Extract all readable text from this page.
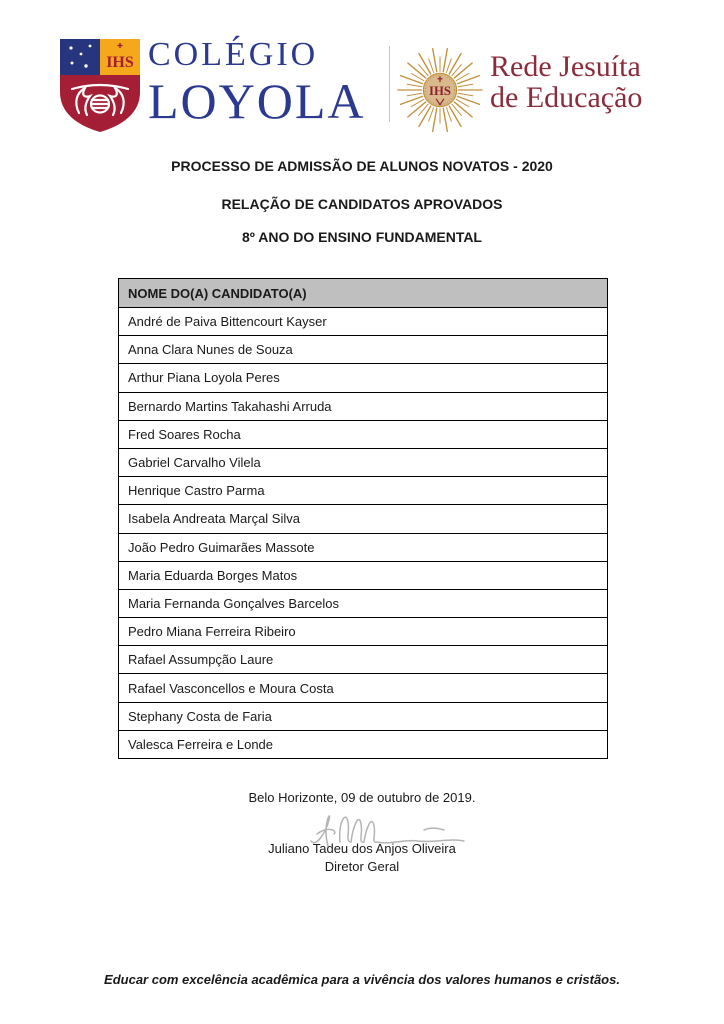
IHS COLÉGIO
LOYOLA	IHS
Rede Jesuíta
de Educação
PROCESSO DE ADMISSÃO DE ALUNOS NOVATOS - 2020
RELAÇÃO DE CANDIDATOS APROVADOS
8º ANO DO ENSINO FUNDAMENTAL
NOME DO(A) CANDIDATO(A)
André de Paiva Bittencourt Kayser
Anna Clara Nunes de Souza
Arthur Piana Loyola Peres
Bernardo Martins Takahashi Arruda
Fred Soares Rocha
Gabriel Carvalho Vilela
Henrique Castro Parma
Isabela Andreata Marçal Silva
João Pedro Guimarães Massote
Maria Eduarda Borges Matos
Maria Fernanda Gonçalves Barcelos
Pedro Miana Ferreira Ribeiro
Rafael Assumpção Laure
Rafael Vasconcellos e Moura Costa
Stephany Costa de Faria
Valesca Ferreira e Londe
Belo Horizonte, 09 de outubro de 2019.
Juliano Tadeu dos Anjos Oliveira
Diretor Geral
Educar com excelência acadêmica para a vivência dos valores humanos e cristãos.
